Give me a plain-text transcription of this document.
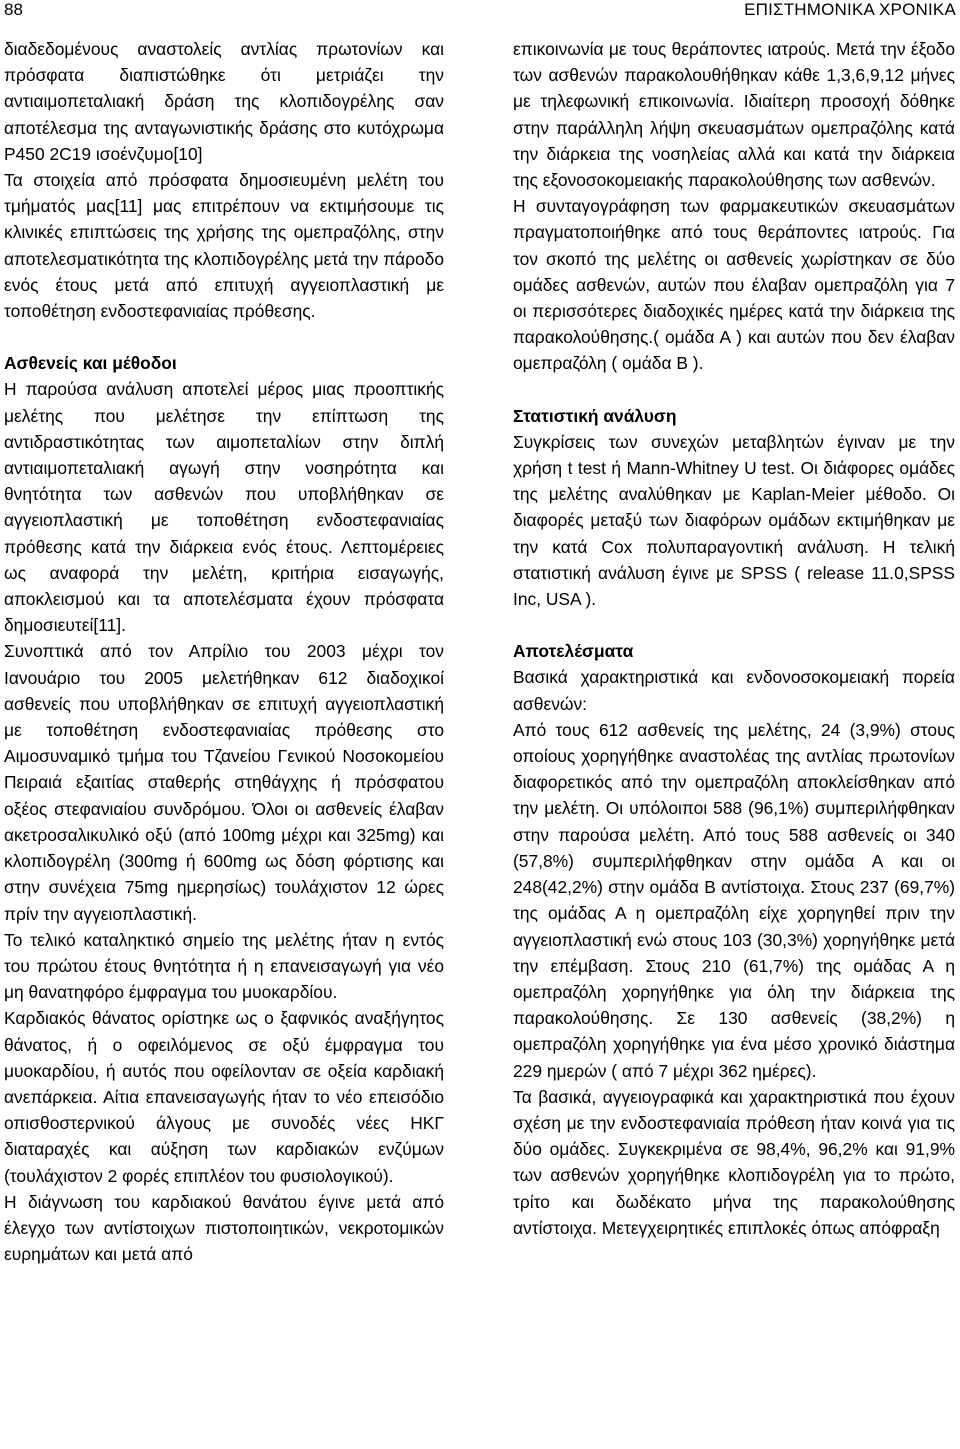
88	ΕΠΙΣΤΗΜΟΝΙΚΑ ΧΡΟΝΙΚΑ

διαδεδομένους αναστολείς αντλίας πρωτονίων και πρόσφατα διαπιστώθηκε ότι μετριάζει την αντιαιμοπεταλιακή δράση της κλοπιδογρέλης σαν αποτέλεσμα της ανταγωνιστικής δράσης στο κυτόχρωμα P450 2C19 ισοένζυμο[10]

Τα στοιχεία από πρόσφατα δημοσιευμένη μελέτη του τμήματός μας[11] μας επιτρέπουν να εκτιμήσουμε τις κλινικές επιπτώσεις της χρήσης της ομεπραζόλης, στην αποτελεσματικότητα της κλοπιδογρέλης μετά την πάροδο ενός έτους μετά από επιτυχή αγγειοπλαστική με τοποθέτηση ενδοστεφανιαίας πρόθεσης.

Ασθενείς και μέθοδοι

Η παρούσα ανάλυση αποτελεί μέρος μιας προοπτικής μελέτης που μελέτησε την επίπτωση της αντιδραστικότητας των αιμοπεταλίων στην διπλή αντιαιμοπεταλιακή αγωγή στην νοσηρότητα και θνητότητα των ασθενών που υποβλήθηκαν σε αγγειοπλαστική με τοποθέτηση ενδοστεφανιαίας πρόθεσης κατά την διάρκεια ενός έτους. Λεπτομέρειες ως αναφορά την μελέτη, κριτήρια εισαγωγής, αποκλεισμού και τα αποτελέσματα έχουν πρόσφατα δημοσιευτεί[11].

Συνοπτικά από τον Απρίλιο του 2003 μέχρι τον Ιανουάριο του 2005 μελετήθηκαν 612 διαδοχικοί ασθενείς που υποβλήθηκαν σε επιτυχή αγγειοπλαστική με τοποθέτηση ενδοστεφανιαίας πρόθεσης στο Αιμοσυναμικό τμήμα του Τζανείου Γενικού Νοσοκομείου Πειραιά εξαιτίας σταθερής στηθάγχης ή πρόσφατου οξέος στεφανιαίου συνδρόμου. Όλοι οι ασθενείς έλαβαν ακετροσαλικυλικό οξύ (από 100mg μέχρι και 325mg) και κλοπιδογρέλη (300mg ή 600mg ως δόση φόρτισης και στην συνέχεια 75mg ημερησίως) τουλάχιστον 12 ώρες πρίν την αγγειοπλαστική.

Το τελικό καταληκτικό σημείο της μελέτης ήταν η εντός του πρώτου έτους θνητότητα ή η επανεισαγωγή για νέο μη θανατηφόρο έμφραγμα του μυοκαρδίου.

Καρδιακός θάνατος ορίστηκε ως ο ξαφνικός αναξήγητος θάνατος, ή ο οφειλόμενος σε οξύ έμφραγμα του μυοκαρδίου, ή αυτός που οφείλονταν σε οξεία καρδιακή ανεπάρκεια. Αίτια επανεισαγωγής ήταν το νέο επεισόδιο οπισθοστερνικού άλγους με συνοδές νέες ΗΚΓ διαταραχές και αύξηση των καρδιακών ενζύμων (τουλάχιστον 2 φορές επιπλέον του φυσιολογικού).

Η διάγνωση του καρδιακού θανάτου έγινε μετά από έλεγχο των αντίστοιχων πιστοποιητικών, νεκροτομικών ευρημάτων και μετά από

επικοινωνία με τους θεράποντες ιατρούς. Μετά την έξοδο των ασθενών παρακολουθήθηκαν κάθε 1,3,6,9,12 μήνες με τηλεφωνική επικοινωνία. Ιδιαίτερη προσοχή δόθηκε στην παράλληλη λήψη σκευασμάτων ομεπραζόλης κατά την διάρκεια της νοσηλείας αλλά και κατά την διάρκεια της εξονοσοκομειακής παρακολούθησης των ασθενών.

Η συνταγογράφηση των φαρμακευτικών σκευασμάτων πραγματοποιήθηκε από τους θεράποντες ιατρούς. Για τον σκοπό της μελέτης οι ασθενείς χωρίστηκαν σε δύο ομάδες ασθενών, αυτών που έλαβαν ομεπραζόλη για 7 οι περισσότερες διαδοχικές ημέρες κατά την διάρκεια της παρακολούθησης.( ομάδα Α ) και αυτών που δεν έλαβαν ομεπραζόλη ( ομάδα Β ).

Στατιστική ανάλυση

Συγκρίσεις των συνεχών μεταβλητών έγιναν με την χρήση t test ή Mann-Whitney U test. Οι διάφορες ομάδες της μελέτης αναλύθηκαν με Kaplan-Meier μέθοδο. Οι διαφορές μεταξύ των διαφόρων ομάδων εκτιμήθηκαν με την κατά Cox πολυπαραγοντική ανάλυση. Η τελική στατιστική ανάλυση έγινε με SPSS ( release 11.0,SPSS Inc, USA ).

Αποτελέσματα

Βασικά χαρακτηριστικά και ενδονοσοκομειακή πορεία ασθενών:

Από τους 612 ασθενείς της μελέτης, 24 (3,9%) στους οποίους χορηγήθηκε αναστολέας της αντλίας πρωτονίων διαφορετικός από την ομεπραζόλη αποκλείσθηκαν από την μελέτη. Οι υπόλοιποι 588 (96,1%) συμπεριλήφθηκαν στην παρούσα μελέτη. Από τους 588 ασθενείς οι 340 (57,8%) συμπεριλήφθηκαν στην ομάδα Α και οι 248(42,2%) στην ομάδα Β αντίστοιχα. Στους 237 (69,7%) της ομάδας Α η ομεπραζόλη είχε χορηγηθεί πριν την αγγειοπλαστική ενώ στους 103 (30,3%) χορηγήθηκε μετά την επέμβαση. Στους 210 (61,7%) της ομάδας Α η ομεπραζόλη χορηγήθηκε για όλη την διάρκεια της παρακολούθησης. Σε 130 ασθενείς (38,2%) η ομεπραζόλη χορηγήθηκε για ένα μέσο χρονικό διάστημα 229 ημερών ( από 7 μέχρι 362 ημέρες).

Τα βασικά, αγγειογραφικά και χαρακτηριστικά που έχουν σχέση με την ενδοστεφανιαία πρόθεση ήταν κοινά για τις δύο ομάδες. Συγκεκριμένα σε 98,4%, 96,2% και 91,9% των ασθενών χορηγήθηκε κλοπιδογρέλη για το πρώτο, τρίτο και δωδέκατο μήνα της παρακολούθησης αντίστοιχα. Μετεγχειρητικές επιπλοκές όπως απόφραξη
